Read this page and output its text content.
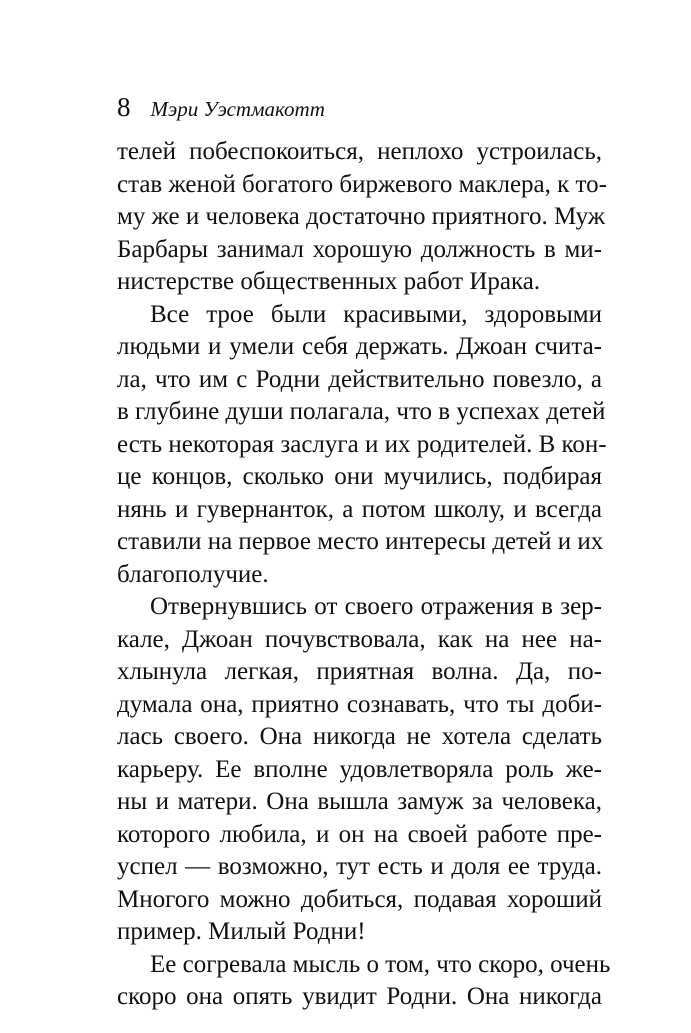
8 Мэри Уэстмакотт
телей побеспокоиться, неплохо устроилась,
став женой богатого биржевого маклера, к то-
му же и человека достаточно приятного. Муж
Барбары занимал хорошую должность в ми-
нистерстве общественных работ Ирака.
Все трое были красивыми, здоровыми
людьми и умели себя держать. Джоан счита-
ла, что им с Родни действительно повезло, а
в глубине души полагала, что в успехах детей
есть некоторая заслуга и их родителей. В кон-
це концов, сколько они мучились, подбирая
нянь и гувернанток, а потом школу, и всегда
ставили на первое место интересы детей и их
благополучие.
Отвернувшись от своего отражения в зер-
кале, Джоан почувствовала, как на нее на-
хлынула легкая, приятная волна. Да, по-
думала она, приятно сознавать, что ты доби-
лась своего. Она никогда не хотела сделать
карьеру. Ее вполне удовлетворяла роль же-
ны и матери. Она вышла замуж за человека,
которого любила, и он на своей работе пре-
успел — возможно, тут есть и доля ее труда.
Многого можно добиться, подавая хороший
пример. Милый Родни!
Ее согревала мысль о том, что скоро, очень
скоро она опять увидит Родни. Она никогда
